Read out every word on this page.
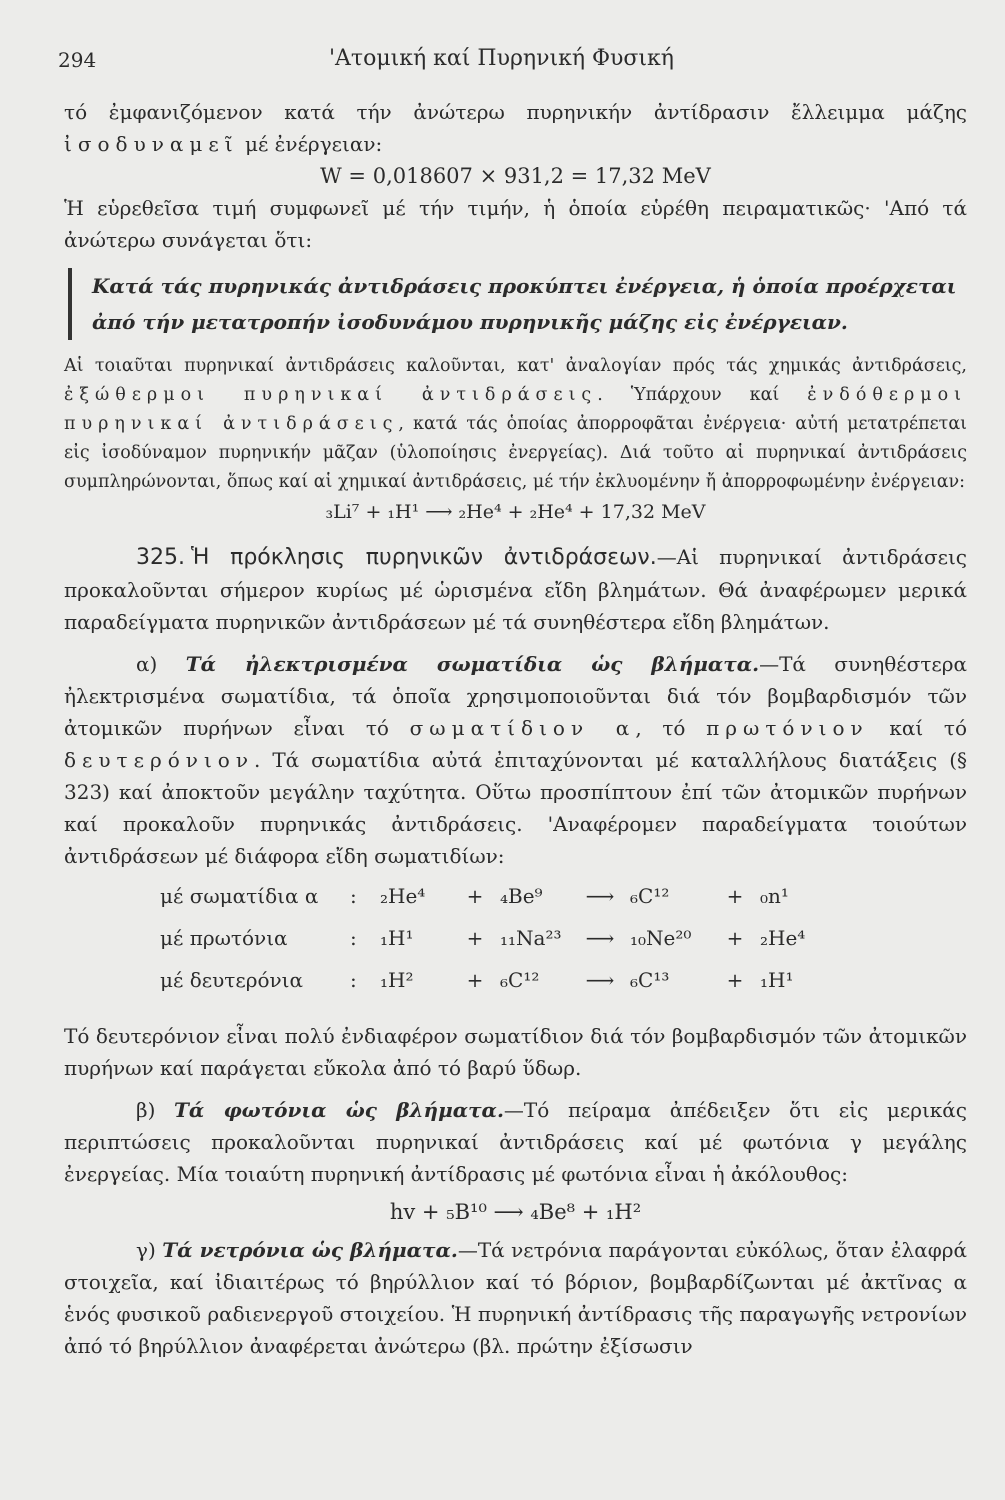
294	'Ατομική καί Πυρηνική Φυσική

τό ἐμφανιζόμενον κατά τήν ἀνώτερω πυρηνικήν ἀντίδρασιν ἔλλειμμα μάζης ἰσοδυναμεῖ μέ ἐνέργειαν:

W = 0,018607 × 931,2 = 17,32 MeV

Ἡ εὑρεθεῖσα τιμή συμφωνεῖ μέ τήν τιμήν, ἡ ὁποία εὑρέθη πειραματικῶς· 'Από τά ἀνώτερω συνάγεται ὅτι:

Κατά τάς πυρηνικάς ἀντιδράσεις προκύπτει ἐνέργεια, ἡ ὁποία προέρχεται ἀπό τήν μετατροπήν ἰσοδυνάμου πυρηνικῆς μάζης εἰς ἐνέργειαν.

Αἱ τοιαῦται πυρηνικαί ἀντιδράσεις καλοῦνται, κατ' ἀναλογίαν πρός τάς χημικάς ἀντιδράσεις, ἐξώθερμοι πυρηνικαί ἀντιδράσεις. Ὑπάρχουν καί ἐνδόθερμοι πυρηνικαί ἀντιδράσεις, κατά τάς ὁποίας ἀπορροφᾶται ἐνέργεια· αὐτή μετατρέπεται εἰς ἰσοδύναμον πυρηνικήν μᾶζαν (ὑλοποίησις ἐνεργείας). Διά τοῦτο αἱ πυρηνικαί ἀντιδράσεις συμπληρώνονται, ὅπως καί αἱ χημικαί ἀντιδράσεις, μέ τήν ἐκλυομένην ἤ ἀπορροφωμένην ἐνέργειαν:

₃Li⁷ + ₁H¹ ⟶ ₂He⁴ + ₂He⁴ + 17,32 MeV

325. Ἡ πρόκλησις πυρηνικῶν ἀντιδράσεων.—Αἱ πυρηνικαί ἀντιδράσεις προκαλοῦνται σήμερον κυρίως μέ ὡρισμένα εἴδη βλημάτων. Θά ἀναφέρωμεν μερικά παραδείγματα πυρηνικῶν ἀντιδράσεων μέ τά συνηθέστερα εἴδη βλημάτων.

α) Τά ἠλεκτρισμένα σωματίδια ὡς βλήματα.—Τά συνηθέστερα ἠλεκτρισμένα σωματίδια, τά ὁποῖα χρησιμοποιοῦνται διά τόν βομβαρδισμόν τῶν ἀτομικῶν πυρήνων εἶναι τό σωματίδιον α, τό πρωτόνιον καί τό δευτερόνιον. Τά σωματίδια αὐτά ἐπιταχύνονται μέ καταλλήλους διατάξεις (§ 323) καί ἀποκτοῦν μεγάλην ταχύτητα. Οὕτω προσπίπτουν ἐπί τῶν ἀτομικῶν πυρήνων καί προκαλοῦν πυρηνικάς ἀντιδράσεις. 'Αναφέρομεν παραδείγματα τοιούτων ἀντιδράσεων μέ διάφορα εἴδη σωματιδίων:

μέ σωματίδια α	:	₂He⁴	+ ₄Be⁹	⟶ ₆C¹²	+ ₀n¹
μέ πρωτόνια	:	₁H¹	+ ₁₁Na²³	⟶ ₁₀Ne²⁰	+ ₂He⁴
μέ δευτερόνια	:	₁H²	+ ₆C¹²	⟶ ₆C¹³	+ ₁H¹

Τό δευτερόνιον εἶναι πολύ ἐνδιαφέρον σωματίδιον διά τόν βομβαρδισμόν τῶν ἀτομικῶν πυρήνων καί παράγεται εὔκολα ἀπό τό βαρύ ὕδωρ.

β) Τά φωτόνια ὡς βλήματα.—Τό πείραμα ἀπέδειξεν ὅτι εἰς μερικάς περιπτώσεις προκαλοῦνται πυρηνικαί ἀντιδράσεις καί μέ φωτόνια γ μεγάλης ἐνεργείας. Μία τοιαύτη πυρηνική ἀντίδρασις μέ φωτόνια εἶναι ἡ ἀκόλουθος:

hv + ₅B¹⁰ ⟶ ₄Be⁸ + ₁H²

γ) Τά νετρόνια ὡς βλήματα.—Τά νετρόνια παράγονται εὐκόλως, ὅταν ἐλαφρά στοιχεῖα, καί ἰδιαιτέρως τό βηρύλλιον καί τό βόριον, βομβαρδίζωνται μέ ἀκτῖνας α ἑνός φυσικοῦ ραδιενεργοῦ στοιχείου. Ἡ πυρηνική ἀντίδρασις τῆς παραγωγῆς νετρονίων ἀπό τό βηρύλλιον ἀναφέρεται ἀνώτερω (βλ. πρώτην ἐξίσωσιν
